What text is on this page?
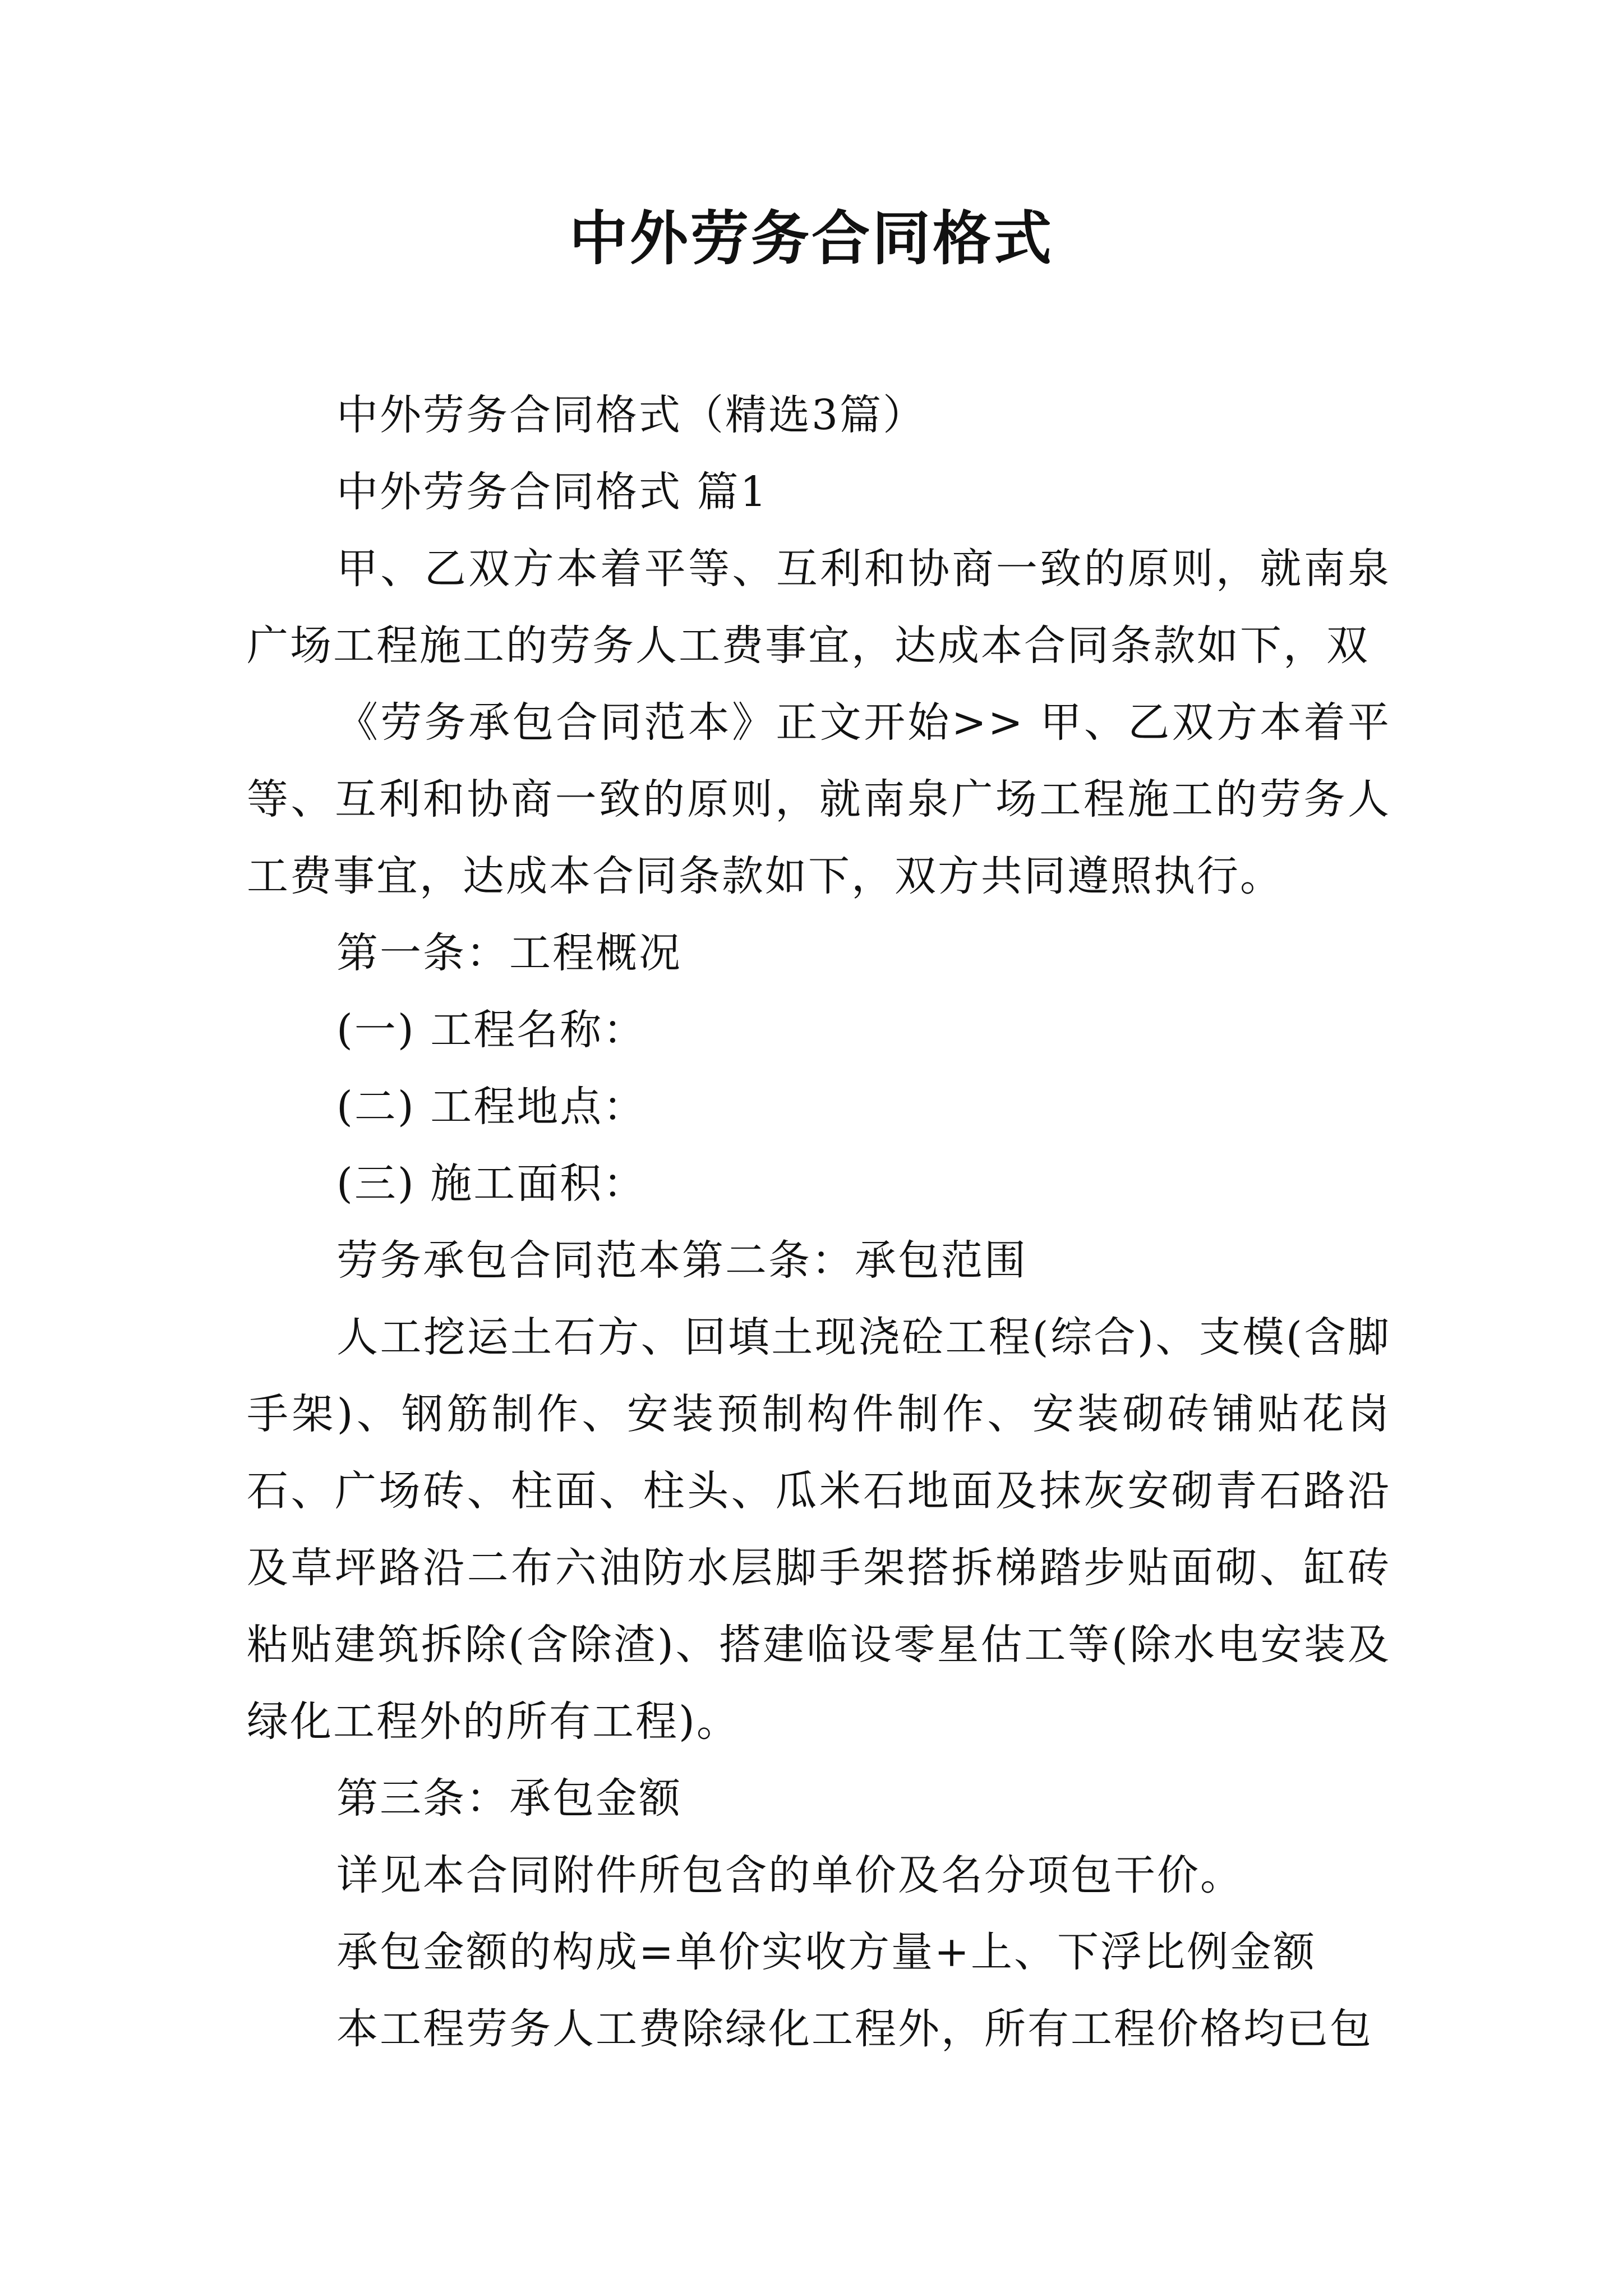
中外劳务合同格式

中外劳务合同格式（精选3篇）

中外劳务合同格式 篇1

甲、乙双方本着平等、互利和协商一致的原则，就南泉广场工程施工的劳务人工费事宜，达成本合同条款如下，双

《劳务承包合同范本》正文开始>> 甲、乙双方本着平等、互利和协商一致的原则，就南泉广场工程施工的劳务人工费事宜，达成本合同条款如下，双方共同遵照执行。

第一条：工程概况

(一) 工程名称：

(二) 工程地点：

(三) 施工面积：

劳务承包合同范本第二条：承包范围

人工挖运土石方、回填土现浇砼工程(综合)、支模(含脚手架)、钢筋制作、安装预制构件制作、安装砌砖铺贴花岗石、广场砖、柱面、柱头、瓜米石地面及抹灰安砌青石路沿及草坪路沿二布六油防水层脚手架搭拆梯踏步贴面砌、缸砖粘贴建筑拆除(含除渣)、搭建临设零星估工等(除水电安装及绿化工程外的所有工程)。

第三条：承包金额

详见本合同附件所包含的单价及名分项包干价。

承包金额的构成=单价实收方量+上、下浮比例金额

本工程劳务人工费除绿化工程外，所有工程价格均已包
